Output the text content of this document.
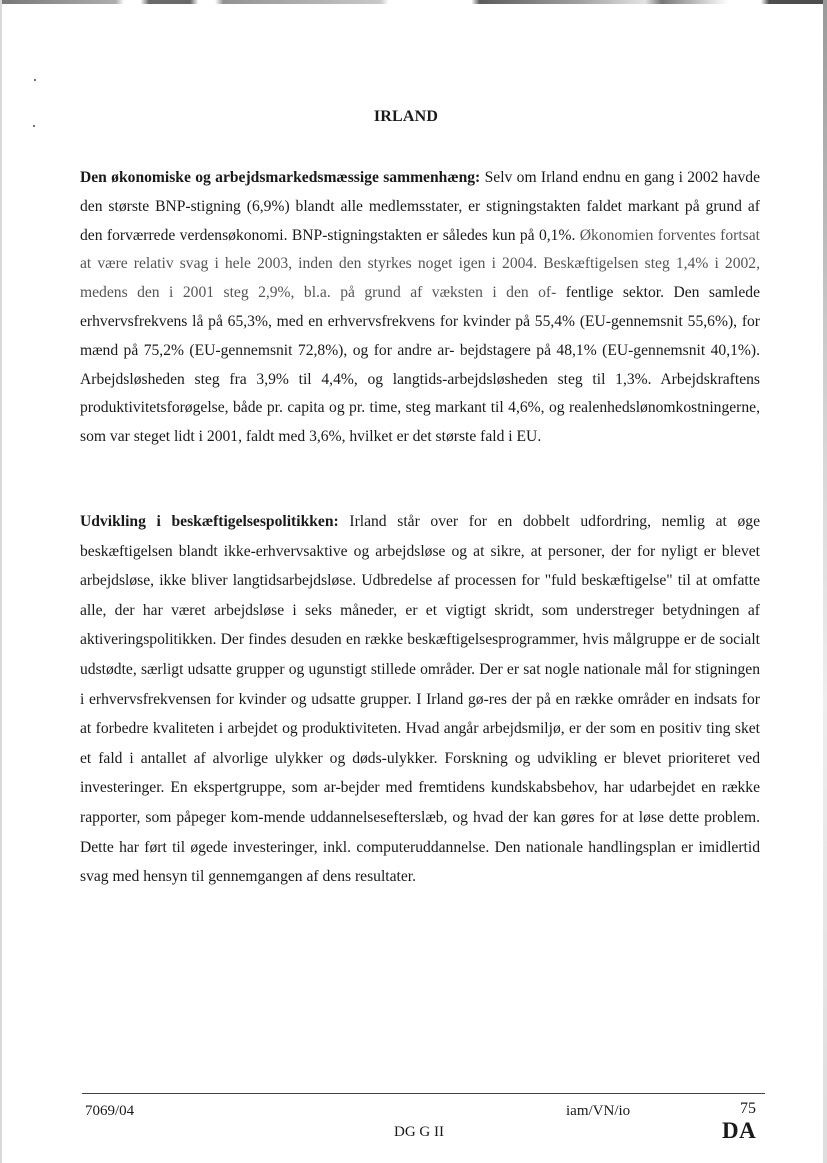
IRLAND
Den økonomiske og arbejdsmarkedsmæssige sammenhæng: Selv om Irland endnu en gang i 2002 havde den største BNP-stigning (6,9%) blandt alle medlemsstater, er stigningstakten faldet markant på grund af den forværrede verdensøkonomi. BNP-stigningstakten er således kun på 0,1%. Økonomien forventes fortsat at være relativ svag i hele 2003, inden den styrkes noget igen i 2004. Beskæftigelsen steg 1,4% i 2002, medens den i 2001 steg 2,9%, bl.a. på grund af væksten i den of- fentlige sektor. Den samlede erhvervsfrekvens lå på 65,3%, med en erhvervsfrekvens for kvinder på 55,4% (EU-gennemsnit 55,6%), for mænd på 75,2% (EU-gennemsnit 72,8%), og for andre ar- bejdstagere på 48,1% (EU-gennemsnit 40,1%). Arbejdsløsheden steg fra 3,9% til 4,4%, og langtids-arbejdsløsheden steg til 1,3%. Arbejdskraftens produktivitetsforøgelse, både pr. capita og pr. time, steg markant til 4,6%, og realenhedslønomkostningerne, som var steget lidt i 2001, faldt med 3,6%, hvilket er det største fald i EU.
Udvikling i beskæftigelsespolitikken: Irland står over for en dobbelt udfordring, nemlig at øge beskæftigelsen blandt ikke-erhvervsaktive og arbejdsløse og at sikre, at personer, der for nyligt er blevet arbejdsløse, ikke bliver langtidsarbejdsløse. Udbredelse af processen for "fuld beskæftigelse" til at omfatte alle, der har været arbejdsløse i seks måneder, er et vigtigt skridt, som understreger betydningen af aktiveringspolitikken. Der findes desuden en række beskæftigelsesprogrammer, hvis målgruppe er de socialt udstødte, særligt udsatte grupper og ugunstigt stillede områder. Der er sat nogle nationale mål for stigningen i erhvervsfrekvensen for kvinder og udsatte grupper. I Irland gø-res der på en række områder en indsats for at forbedre kvaliteten i arbejdet og produktiviteten. Hvad angår arbejdsmiljø, er der som en positiv ting sket et fald i antallet af alvorlige ulykker og døds-ulykker. Forskning og udvikling er blevet prioriteret ved investeringer. En ekspertgruppe, som ar-bejder med fremtidens kundskabsbehov, har udarbejdet en række rapporter, som påpeger kom-mende uddannelsesefterslæb, og hvad der kan gøres for at løse dette problem. Dette har ført til øgede investeringer, inkl. computeruddannelse. Den nationale handlingsplan er imidlertid svag med hensyn til gennemgangen af dens resultater.
7069/04	iam/VN/io	75
DG G II	DA
